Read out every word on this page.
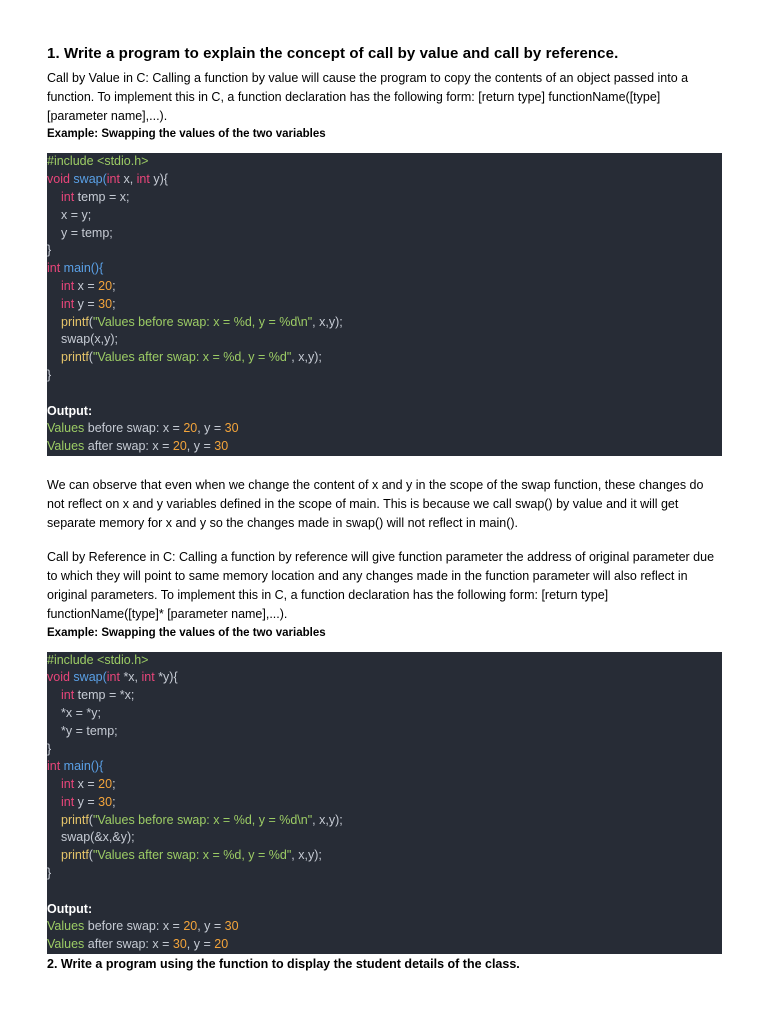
1. Write a program to explain the concept of call by value and call by reference.

Call by Value in C: Calling a function by value will cause the program to copy the contents of an object passed into a function. To implement this in C, a function declaration has the following form: [return type] functionName([type] [parameter name],...).

Example: Swapping the values of the two variables
#include <stdio.h>
void swap(int x, int y){
int temp = x;
x = y;
y = temp;
}
int main(){
int x = 20;
int y = 30;
printf("Values before swap: x = %d, y = %d\n", x,y);
swap(x,y);
printf("Values after swap: x = %d, y = %d", x,y);
}
Output:
Values before swap: x = 20, y = 30
Values after swap: x = 20, y = 30

We can observe that even when we change the content of x and y in the scope of the swap function, these changes do not reflect on x and y variables defined in the scope of main. This is because we call swap() by value and it will get separate memory for x and y so the changes made in swap() will not reflect in main().

Call by Reference in C: Calling a function by reference will give function parameter the address of original parameter due to which they will point to same memory location and any changes made in the function parameter will also reflect in original parameters. To implement this in C, a function declaration has the following form: [return type] functionName([type]* [parameter name],...).

Example: Swapping the values of the two variables
#include <stdio.h>
void swap(int *x, int *y){
int temp = *x;
*x = *y;
*y = temp;
}
int main(){
int x = 20;
int y = 30;
printf("Values before swap: x = %d, y = %d\n", x,y);
swap(&x,&y);
printf("Values after swap: x = %d, y = %d", x,y);
}
Output:
Values before swap: x = 20, y = 30
Values after swap: x = 30, y = 20
2. Write a program using the function to display the student details of the class.
